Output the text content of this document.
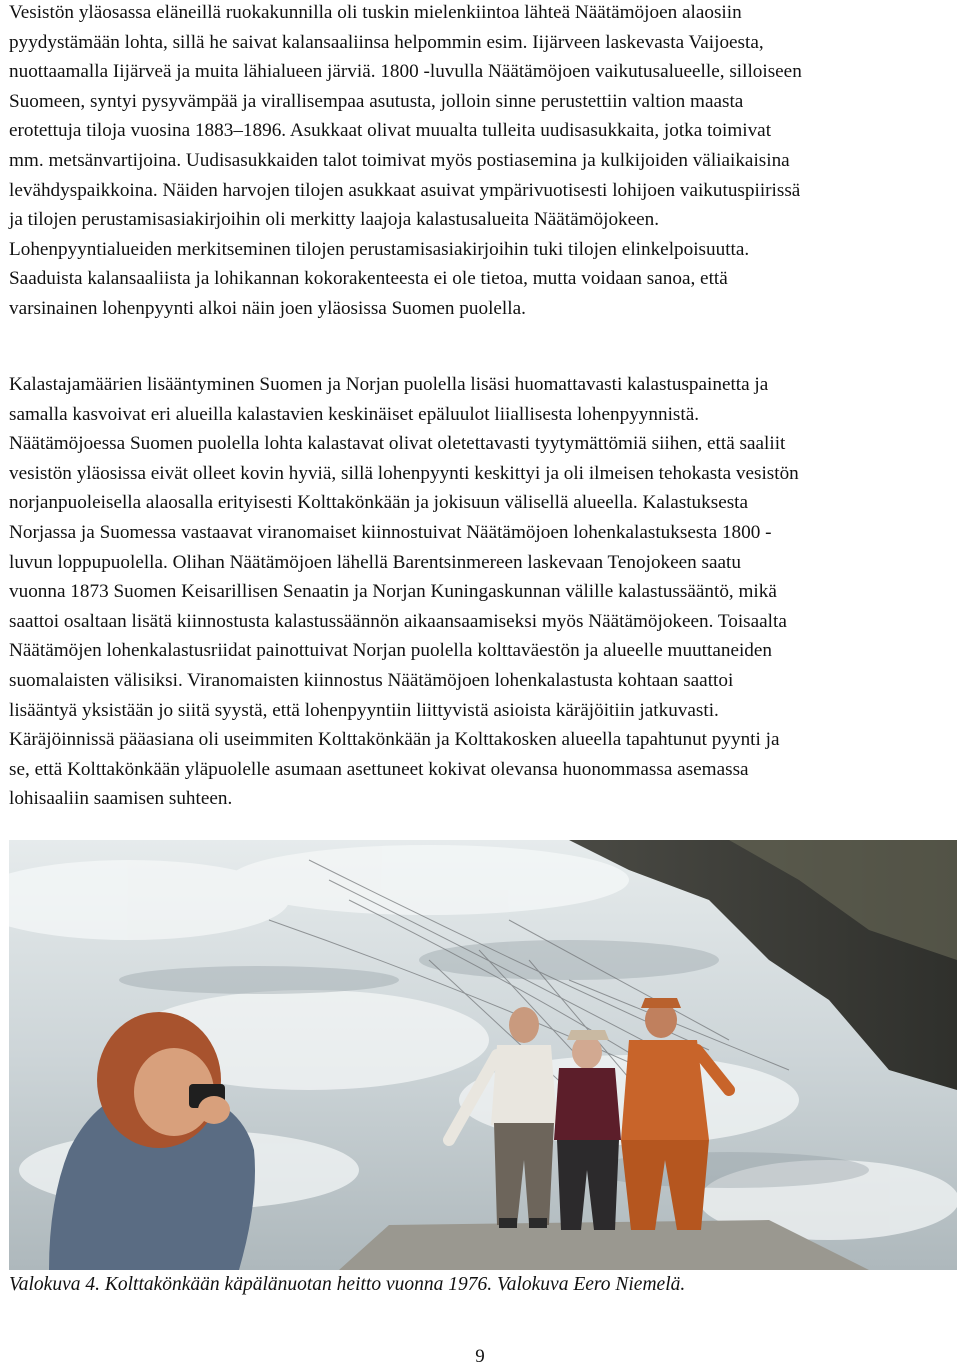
Vesistön yläosassa eläneillä ruokakunnilla oli tuskin mielenkiintoa lähteä Näätämöjoen alaosiin
pyydystämään lohta, sillä he saivat kalansaaliinsa helpommin esim. Iijärveen laskevasta Vaijoesta,
nuottaamalla Iijärveä ja muita lähialueen järviä. 1800 -luvulla Näätämöjoen vaikutusalueelle, silloiseen
Suomeen, syntyi pysyvämpää ja virallisempaa asutusta, jolloin sinne perustettiin valtion maasta
erotettuja tiloja vuosina 1883–1896. Asukkaat olivat muualta tulleita uudisasukkaita, jotka toimivat
mm. metsänvartijoina. Uudisasukkaiden talot toimivat myös postiasemina ja kulkijoiden väliaikaisina
levähdyspaikkoina. Näiden harvojen tilojen asukkaat asuivat ympärivuotisesti lohijoen vaikutuspiirissä
ja tilojen perustamisasiakirjoihin oli merkitty laajoja kalastusalueita Näätämöjokeen.
Lohenpyyntialueiden merkitseminen tilojen perustamisasiakirjoihin tuki tilojen elinkelpoisuutta.
Saaduista kalansaaliista ja lohikannan kokorakenteesta ei ole tietoa, mutta voidaan sanoa, että
varsinainen lohenpyynti alkoi näin joen yläosissa Suomen puolella.

Kalastajamäärien lisääntyminen Suomen ja Norjan puolella lisäsi huomattavasti kalastuspainetta ja
samalla kasvoivat eri alueilla kalastavien keskinäiset epäluulot liiallisesta lohenpyynnistä.
Näätämöjoessa Suomen puolella lohta kalastavat olivat oletettavasti tyytymättömiä siihen, että saaliit
vesistön yläosissa eivät olleet kovin hyviä, sillä lohenpyynti keskittyi ja oli ilmeisen tehokasta vesistön
norjanpuoleisella alaosalla erityisesti Kolttakönkään ja jokisuun välisellä alueella. Kalastuksesta
Norjassa ja Suomessa vastaavat viranomaiset kiinnostuivat Näätämöjoen lohenkalastuksesta 1800 -
luvun loppupuolella. Olihan Näätämöjoen lähellä Barentsinmereen laskevaan Tenojokeen saatu
vuonna 1873 Suomen Keisarillisen Senaatin ja Norjan Kuningaskunnan välille kalastussääntö, mikä
saattoi osaltaan lisätä kiinnostusta kalastussäännön aikaansaamiseksi myös Näätämöjokeen. Toisaalta
Näätämöjen lohenkalastusriidat painottuivat Norjan puolella kolttaväestön ja alueelle muuttaneiden
suomalaisten välisiksi. Viranomaisten kiinnostus Näätämöjoen lohenkalastusta kohtaan saattoi
lisääntyä yksistään jo siitä syystä, että lohenpyyntiin liittyvistä asioista käräjöitiin jatkuvasti.
Käräjöinnissä pääasiana oli useimmiten Kolttakönkään ja Kolttakosken alueella tapahtunut pyynti ja
se, että Kolttakönkään yläpuolelle asumaan asettuneet kokivat olevansa huonommassa asemassa
lohisaaliin saamisen suhteen.

Valokuva 4. Kolttakönkään käpälänuotan heitto vuonna 1976. Valokuva Eero Niemelä.

9
